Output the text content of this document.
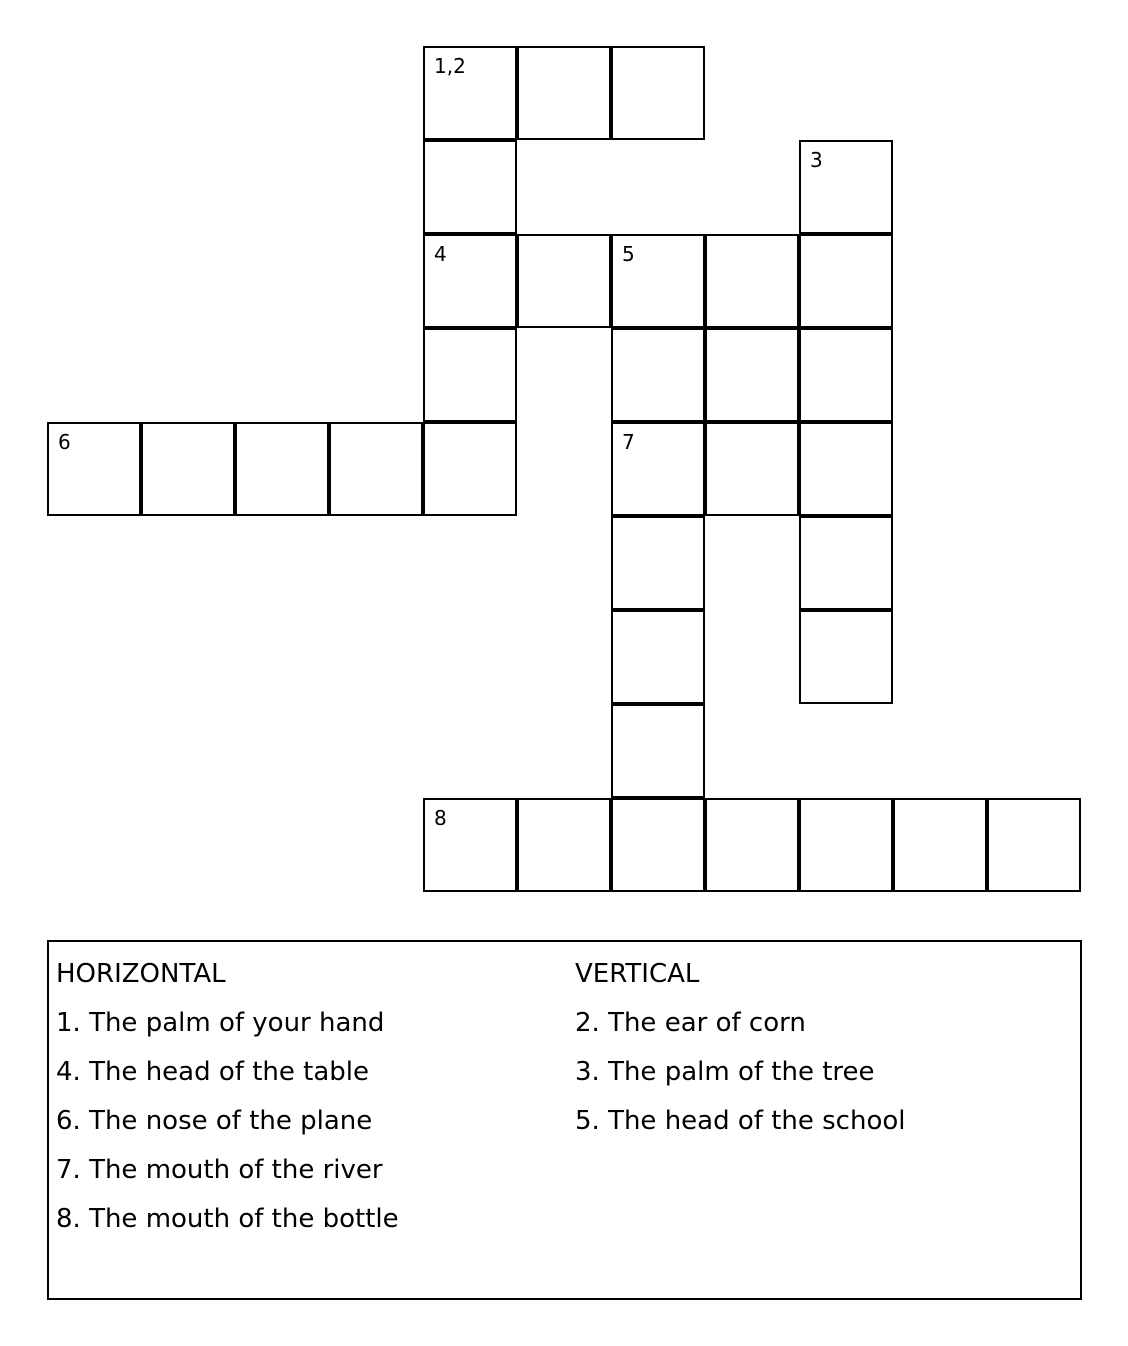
1,2
3
4	5
6	7
8
HORIZONTAL
1. The palm of your hand
4. The head of the table
6. The nose of the plane
7. The mouth of the river
8. The mouth of the bottle
VERTICAL
2. The ear of corn
3. The palm of the tree
5. The head of the school
